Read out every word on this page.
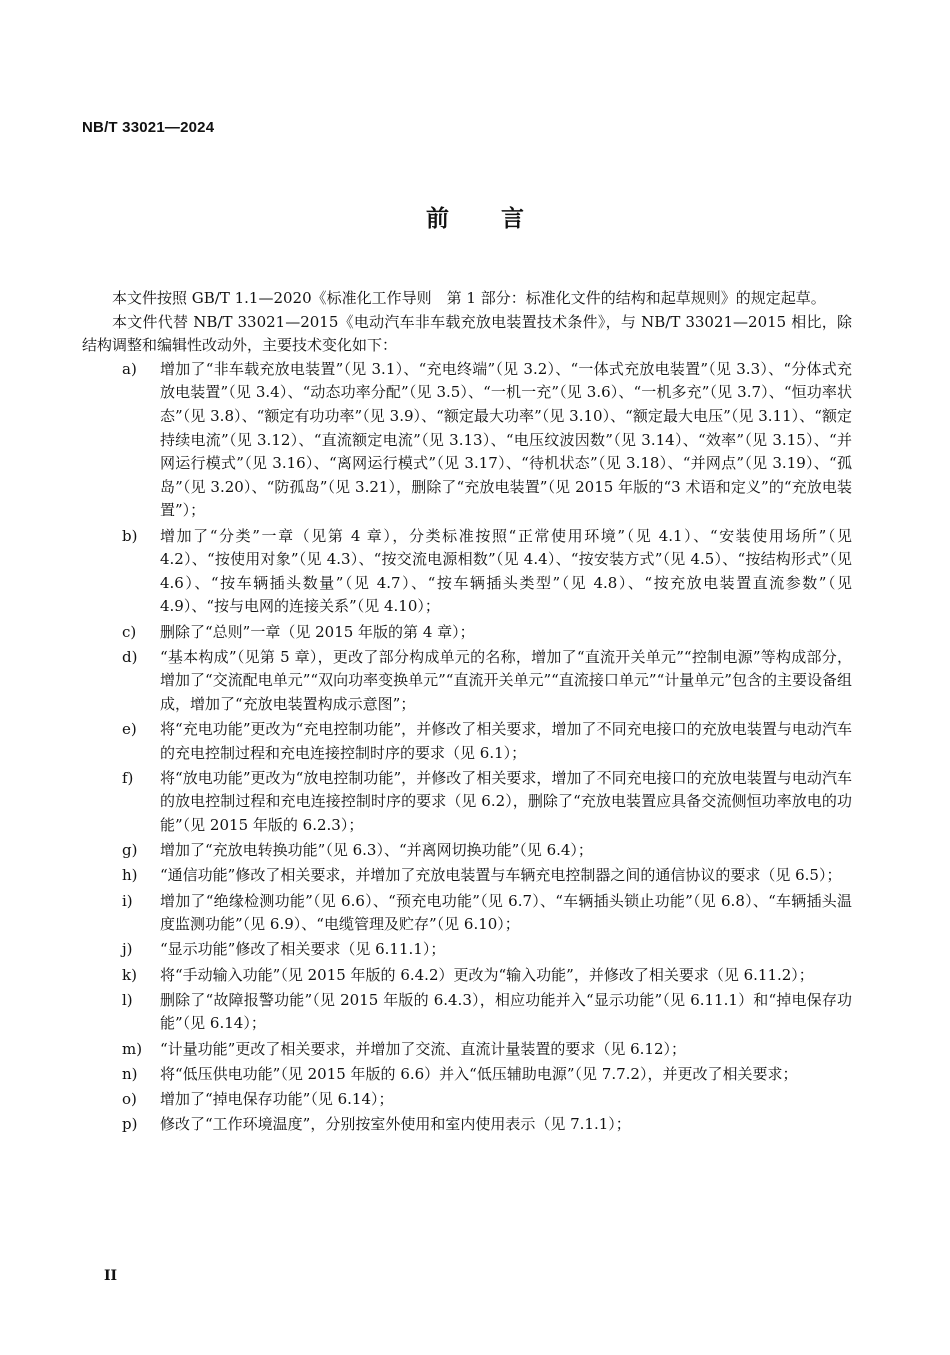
NB/T 33021—2024
前言

本文件按照 GB/T 1.1—2020《标准化工作导则　第 1 部分：标准化文件的结构和起草规则》的规定起草。

本文件代替 NB/T 33021—2015《电动汽车非车载充放电装置技术条件》，与 NB/T 33021—2015 相比，除结构调整和编辑性改动外，主要技术变化如下：

a)	增加了“非车载充放电装置”（见 3.1）、“充电终端”（见 3.2）、“一体式充放电装置”（见 3.3）、“分体式充放电装置”（见 3.4）、“动态功率分配”（见 3.5）、“一机一充”（见 3.6）、“一机多充”（见 3.7）、“恒功率状态”（见 3.8）、“额定有功功率”（见 3.9）、“额定最大功率”（见 3.10）、“额定最大电压”（见 3.11）、“额定持续电流”（见 3.12）、“直流额定电流”（见 3.13）、“电压纹波因数”（见 3.14）、“效率”（见 3.15）、“并网运行模式”（见 3.16）、“离网运行模式”（见 3.17）、“待机状态”（见 3.18）、“并网点”（见 3.19）、“孤岛”（见 3.20）、“防孤岛”（见 3.21），删除了“充放电装置”（见 2015 年版的“3 术语和定义”的“充放电装置”）；
b)	增加了“分类”一章（见第 4 章），分类标准按照“正常使用环境”（见 4.1）、“安装使用场所”（见 4.2）、“按使用对象”（见 4.3）、“按交流电源相数”（见 4.4）、“按安装方式”（见 4.5）、“按结构形式”（见 4.6）、“按车辆插头数量”（见 4.7）、“按车辆插头类型”（见 4.8）、“按充放电装置直流参数”（见 4.9）、“按与电网的连接关系”（见 4.10）；
c)	删除了“总则”一章（见 2015 年版的第 4 章）；
d)	“基本构成”（见第 5 章），更改了部分构成单元的名称，增加了“直流开关单元”“控制电源”等构成部分，增加了“交流配电单元”“双向功率变换单元”“直流开关单元”“直流接口单元”“计量单元”包含的主要设备组成，增加了“充放电装置构成示意图”；
e)	将“充电功能”更改为“充电控制功能”，并修改了相关要求，增加了不同充电接口的充放电装置与电动汽车的充电控制过程和充电连接控制时序的要求（见 6.1）；
f)	将“放电功能”更改为“放电控制功能”，并修改了相关要求，增加了不同充电接口的充放电装置与电动汽车的放电控制过程和充电连接控制时序的要求（见 6.2），删除了“充放电装置应具备交流侧恒功率放电的功能”（见 2015 年版的 6.2.3）；
g)	增加了“充放电转换功能”（见 6.3）、“并离网切换功能”（见 6.4）；
h)	“通信功能”修改了相关要求，并增加了充放电装置与车辆充电控制器之间的通信协议的要求（见 6.5）；
i)	增加了“绝缘检测功能”（见 6.6）、“预充电功能”（见 6.7）、“车辆插头锁止功能”（见 6.8）、“车辆插头温度监测功能”（见 6.9）、“电缆管理及贮存”（见 6.10）；
j)	“显示功能”修改了相关要求（见 6.11.1）；
k)	将“手动输入功能”（见 2015 年版的 6.4.2）更改为“输入功能”，并修改了相关要求（见 6.11.2）；
l)	删除了“故障报警功能”（见 2015 年版的 6.4.3），相应功能并入“显示功能”（见 6.11.1）和“掉电保存功能”（见 6.14）；
m)	“计量功能”更改了相关要求，并增加了交流、直流计量装置的要求（见 6.12）；
n)	将“低压供电功能”（见 2015 年版的 6.6）并入“低压辅助电源”（见 7.7.2），并更改了相关要求；
o)	增加了“掉电保存功能”（见 6.14）；
p)	修改了“工作环境温度”，分别按室外使用和室内使用表示（见 7.1.1）；
II
